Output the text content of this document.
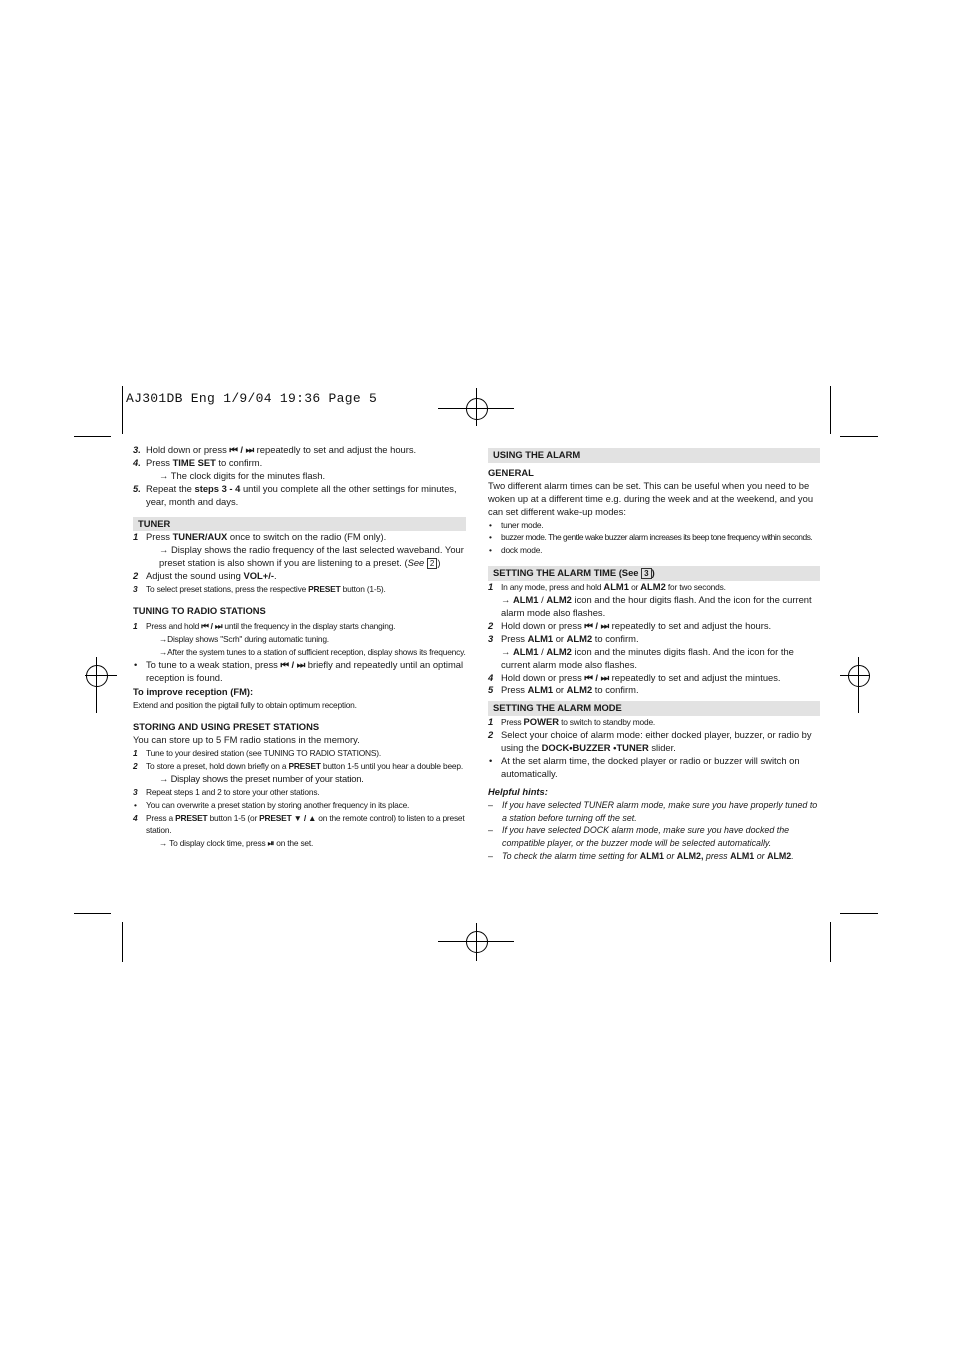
AJ301DB Eng 1/9/04 19:36 Page 5
3. Hold down or press ⏮ / ⏭ repeatedly to set and adjust the hours.
4. Press TIME SET to confirm.
→ The clock digits for the minutes flash.
5. Repeat the steps 3 - 4 until you complete all the other settings for minutes, year, month and days.
TUNER
1 Press TUNER/AUX once to switch on the radio (FM only).
→ Display shows the radio frequency of the last selected waveband. Your preset station is also shown if you are listening to a preset. (See 2 )
2 Adjust the sound using VOL+/-.
3 To select preset stations, press the respective PRESET button (1-5).
TUNING TO RADIO STATIONS
1 Press and hold ⏮ / ⏭ until the frequency in the display starts changing.
→Display shows "Scrh" during automatic tuning.
→After the system tunes to a station of sufficient reception, display shows its frequency.
• To tune to a weak station, press ⏮ / ⏭ briefly and repeatedly until an optimal reception is found.
To improve reception (FM):
Extend and position the pigtail fully to obtain optimum reception.
STORING AND USING PRESET STATIONS
You can store up to 5 FM radio stations in the memory.
1 Tune to your desired station (see TUNING TO RADIO STATIONS).
2 To store a preset, hold down briefly on a PRESET button 1-5 until you hear a double beep.
→ Display shows the preset number of your station.
3 Repeat steps 1 and 2 to store your other stations.
• You can overwrite a preset station by storing another frequency in its place.
4 Press a PRESET button 1-5 (or PRESET ▼ / ▲ on the remote control) to listen to a preset station.
→ To display clock time, press ⏯ on the set.
USING THE ALARM
GENERAL
Two different alarm times can be set. This can be useful when you need to be woken up at a different time e.g. during the week and at the weekend, and you can set different wake-up modes:
• tuner mode.
• buzzer mode. The gentle wake buzzer alarm increases its beep tone frequency within seconds.
• dock mode.
SETTING THE ALARM TIME (See 3 )
1 In any mode, press and hold ALM1 or ALM2 for two seconds.
→ ALM1 / ALM2 icon and the hour digits flash. And the icon for the current alarm mode also flashes.
2 Hold down or press ⏮ / ⏭ repeatedly to set and adjust the hours.
3 Press ALM1 or ALM2 to confirm.
→ ALM1 / ALM2 icon and the minutes digits flash. And the icon for the current alarm mode also flashes.
4 Hold down or press ⏮ / ⏭ repeatedly to set and adjust the mintues.
5 Press ALM1 or ALM2 to confirm.
SETTING THE ALARM MODE
1 Press POWER to switch to standby mode.
2 Select your choice of alarm mode: either docked player, buzzer, or radio by using the DOCK•BUZZER •TUNER slider.
• At the set alarm time, the docked player or radio or buzzer will switch on automatically.
Helpful hints:
– If you have selected TUNER alarm mode, make sure you have properly tuned to a station before turning off the set.
– If you have selected DOCK alarm mode, make sure you have docked the compatible player, or the buzzer mode will be selected automatically.
– To check the alarm time setting for ALM1 or ALM2, press ALM1 or ALM2.
